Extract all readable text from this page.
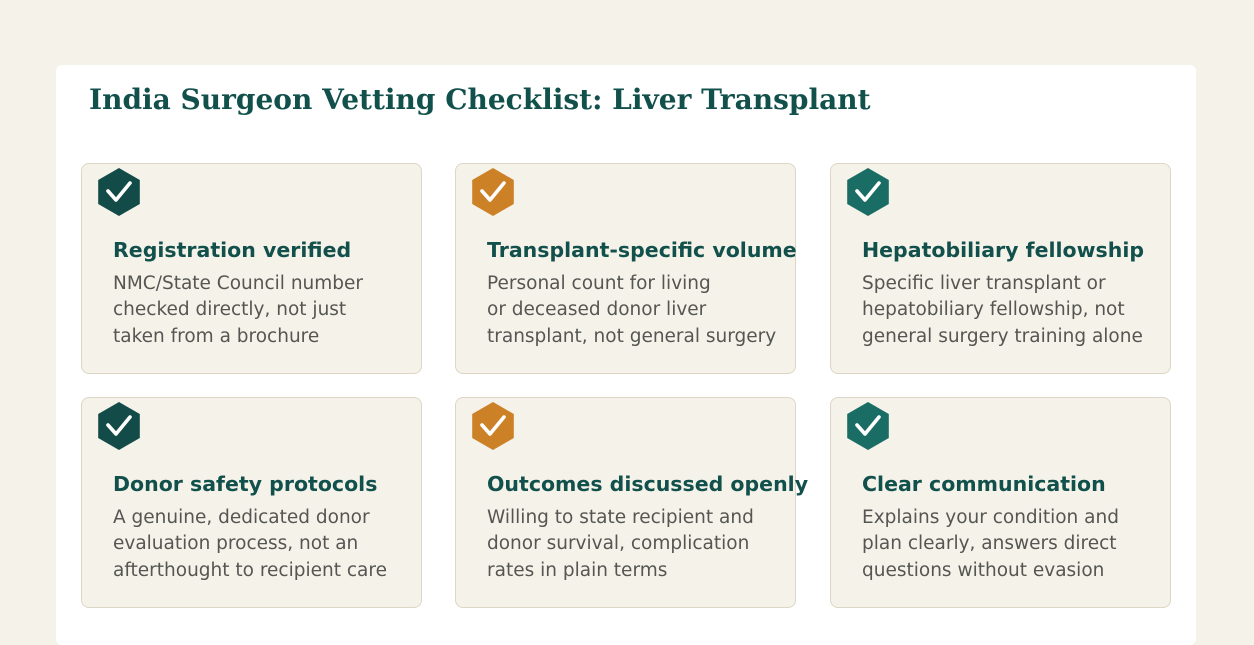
India Surgeon Vetting Checklist: Liver Transplant
Registration verified
NMC/State Council number
checked directly, not just
taken from a brochure
Transplant-specific volume
Personal count for living
or deceased donor liver
transplant, not general surgery
Hepatobiliary fellowship
Specific liver transplant or
hepatobiliary fellowship, not
general surgery training alone
Donor safety protocols
A genuine, dedicated donor
evaluation process, not an
afterthought to recipient care
Outcomes discussed openly
Willing to state recipient and
donor survival, complication
rates in plain terms
Clear communication
Explains your condition and
plan clearly, answers direct
questions without evasion
